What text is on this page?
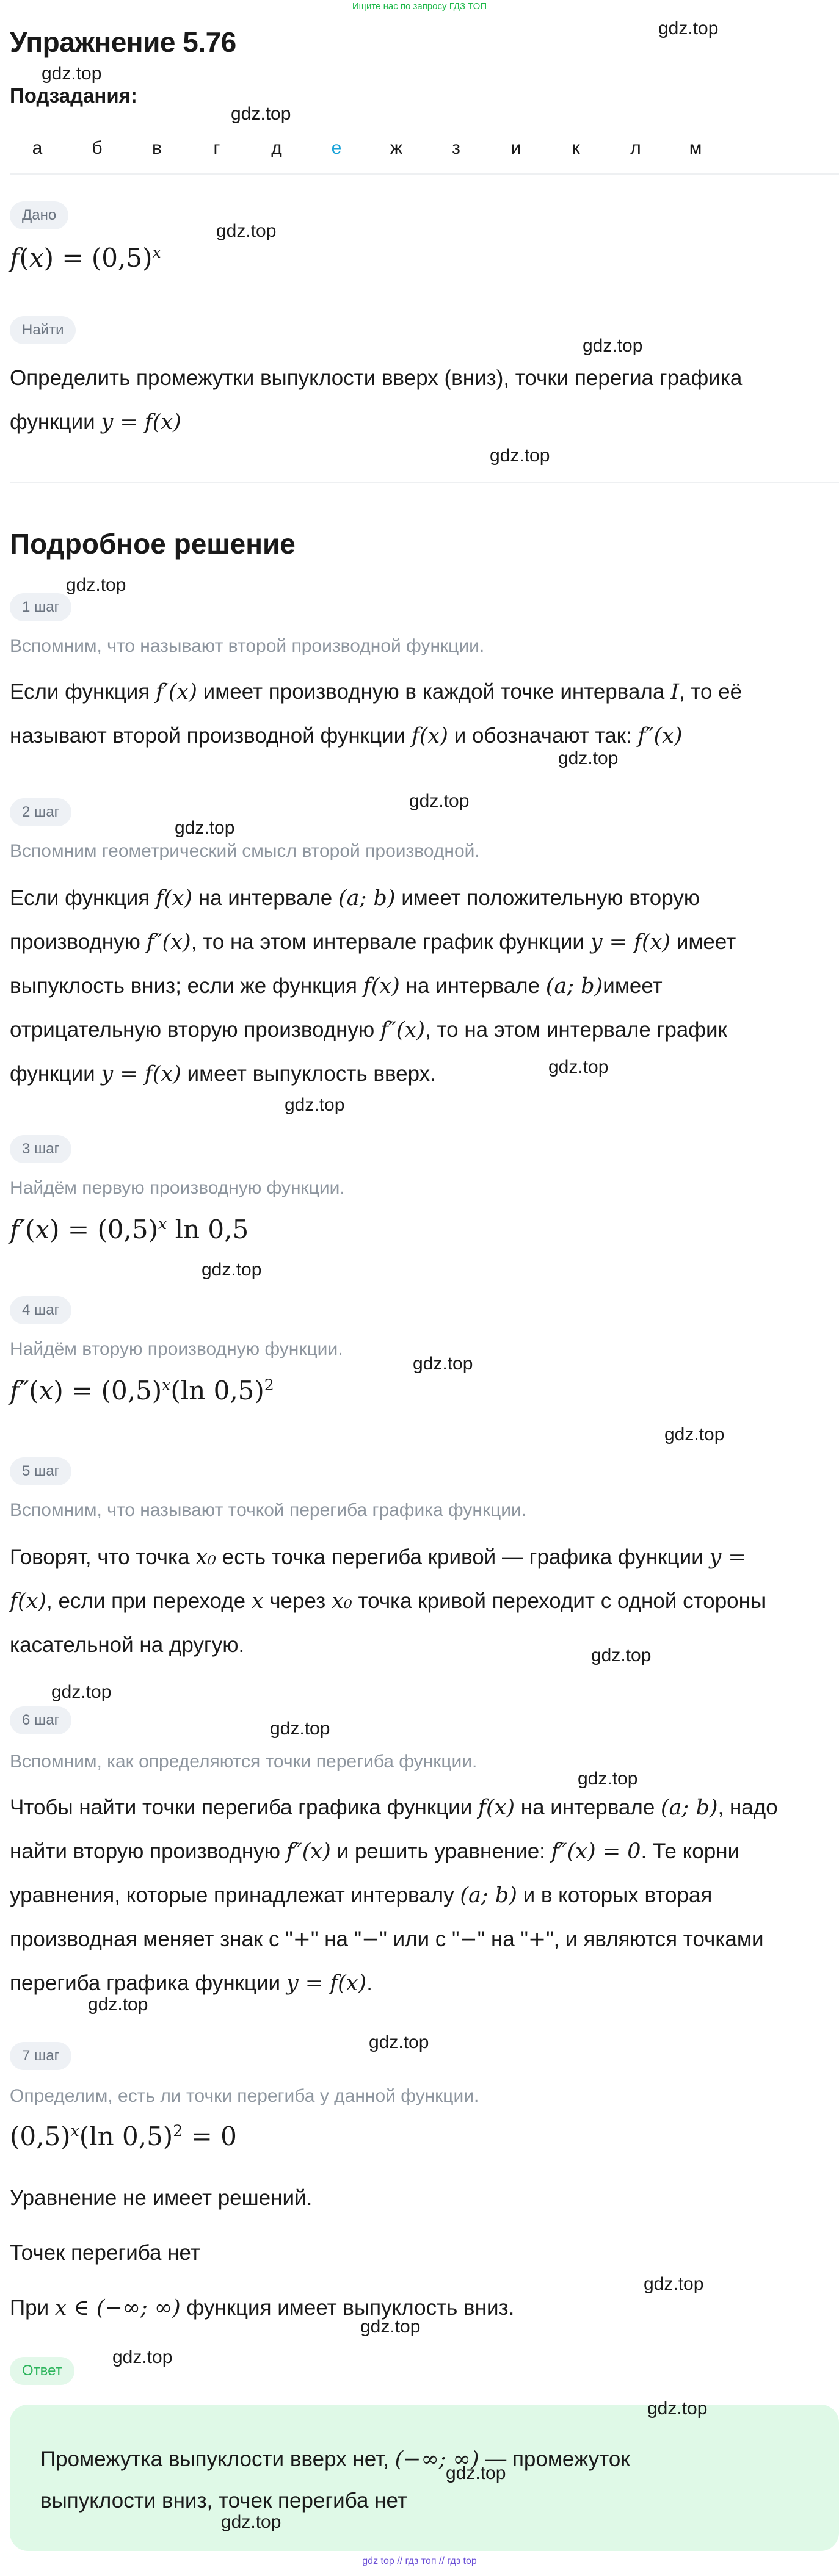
Ищите нас по запросу ГДЗ ТОП
Упражнение 5.76
Подзадания:
а	б	в	г	д	е	ж	з	и	к	л	м
Дано
$f(x) = (0,5)^x$
Найти
Определить промежутки выпуклости вверх (вниз), точки перегиа графика
функции y = f(x)
Подробное решение
1 шаг
Вспомним, что называют второй производной функции.
Если функция f′(x) имеет производную в каждой точке интервала I, то её
называют второй производной функции f(x) и обозначают так: f″(x)
2 шаг
Вспомним геометрический смысл второй производной.
Если функция f(x) на интервале (a; b) имеет положительную вторую
производную f″(x), то на этом интервале график функции y = f(x) имеет
выпуклость вниз; если же функция f(x) на интервале (a; b)имеет
отрицательную вторую производную f″(x), то на этом интервале график
функции y = f(x) имеет выпуклость вверх.
3 шаг
Найдём первую производную функции.
$f'(x) = (0,5)^x$ ln 0,5
4 шаг
Найдём вторую производную функции.
$f''(x) = (0,5)^x(\ln$ 0,5)$^2$
5 шаг
Вспомним, что называют точкой перегиба графика функции.
Говорят, что точка x₀ есть точка перегиба кривой — графика функции y =
f(x), если при переходе x через x₀ точка кривой переходит с одной стороны
касательной на другую.
6 шаг
Вспомним, как определяются точки перегиба функции.
Чтобы найти точки перегиба графика функции f(x) на интервале (a; b), надо
найти вторую производную f″(x) и решить уравнение: f″(x) = 0. Те корни
уравнения, которые принадлежат интервалу (a; b) и в которых вторая
производная меняет знак с "+" на "−" или с "−" на "+", и являются точками
перегиба графика функции y = f(x).
7 шаг
Определим, есть ли точки перегиба у данной функции.
$(0,5)^x(\ln$ 0,5)$^2$ = 0
Уравнение не имеет решений.
Точек перегиба нет
При x ∈ (−∞; ∞) функция имеет выпуклость вниз.
Ответ
Промежутка выпуклости вверх нет, (−∞; ∞) — промежуток
выпуклости вниз, точек перегиба нет
gdz.top
gdz.top
gdz.top
gdz.top
gdz.top
gdz.top
gdz.top
gdz.top
gdz.top
gdz.top
gdz.top
gdz.top
gdz.top
gdz.top
gdz.top
gdz.top
gdz.top
gdz.top
gdz.top
gdz.top
gdz.top
gdz.top
gdz.top
gdz.top
gdz.top
gdz.top
gdz.top
gdz top // гдз топ // гдз top
